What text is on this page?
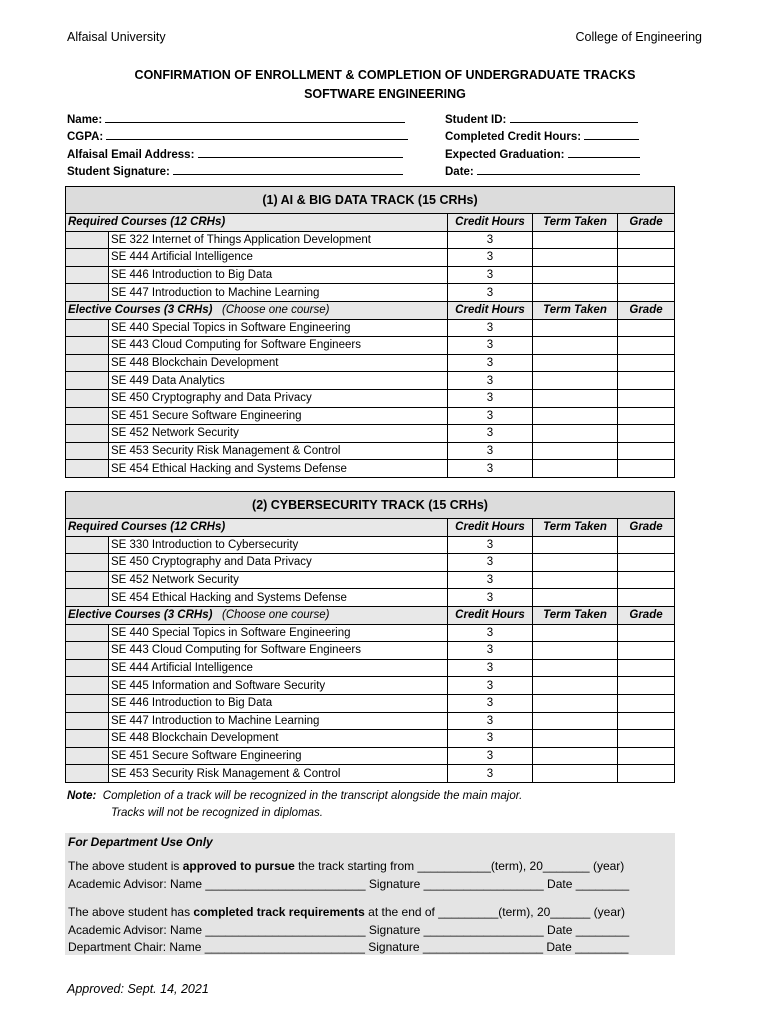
Alfaisal University	College of Engineering
CONFIRMATION OF ENROLLMENT & COMPLETION OF UNDERGRADUATE TRACKS
SOFTWARE ENGINEERING
Name:
CGPA:
Alfaisal Email Address:
Student Signature:
Student ID:
Completed Credit Hours:
Expected Graduation:
Date:
(1) AI & BIG DATA TRACK (15 CRHs)				
Required Courses (12 CRHs)		Credit Hours	Term Taken	Grade
	SE 322 Internet of Things Application Development	3		
	SE 444 Artificial Intelligence	3		
	SE 446 Introduction to Big Data	3		
	SE 447 Introduction to Machine Learning	3		
Elective Courses (3 CRHs) (Choose one course)		Credit Hours	Term Taken	Grade
	SE 440 Special Topics in Software Engineering	3		
	SE 443 Cloud Computing for Software Engineers	3		
	SE 448 Blockchain Development	3		
	SE 449 Data Analytics	3		
	SE 450 Cryptography and Data Privacy	3		
	SE 451 Secure Software Engineering	3		
	SE 452 Network Security	3		
	SE 453 Security Risk Management & Control	3		
	SE 454 Ethical Hacking and Systems Defense	3		
(2) CYBERSECURITY TRACK (15 CRHs)				
Required Courses (12 CRHs)		Credit Hours	Term Taken	Grade
	SE 330 Introduction to Cybersecurity	3		
	SE 450 Cryptography and Data Privacy	3		
	SE 452 Network Security	3		
	SE 454 Ethical Hacking and Systems Defense	3		
Elective Courses (3 CRHs) (Choose one course)		Credit Hours	Term Taken	Grade
	SE 440 Special Topics in Software Engineering	3		
	SE 443 Cloud Computing for Software Engineers	3		
	SE 444 Artificial Intelligence	3		
	SE 445 Information and Software Security	3		
	SE 446 Introduction to Big Data	3		
	SE 447 Introduction to Machine Learning	3		
	SE 448 Blockchain Development	3		
	SE 451 Secure Software Engineering	3		
	SE 453 Security Risk Management & Control	3		
Note: Completion of a track will be recognized in the transcript alongside the main major.
Tracks will not be recognized in diplomas.
For Department Use Only
The above student is approved to pursue the track starting from ___________(term), 20_______ (year)
Academic Advisor: Name ________________________ Signature __________________ Date ________
The above student has completed track requirements at the end of _________(term), 20______ (year)
Academic Advisor: Name ________________________ Signature __________________ Date ________
Department Chair: Name ________________________ Signature __________________ Date ________
Approved: Sept. 14, 2021
